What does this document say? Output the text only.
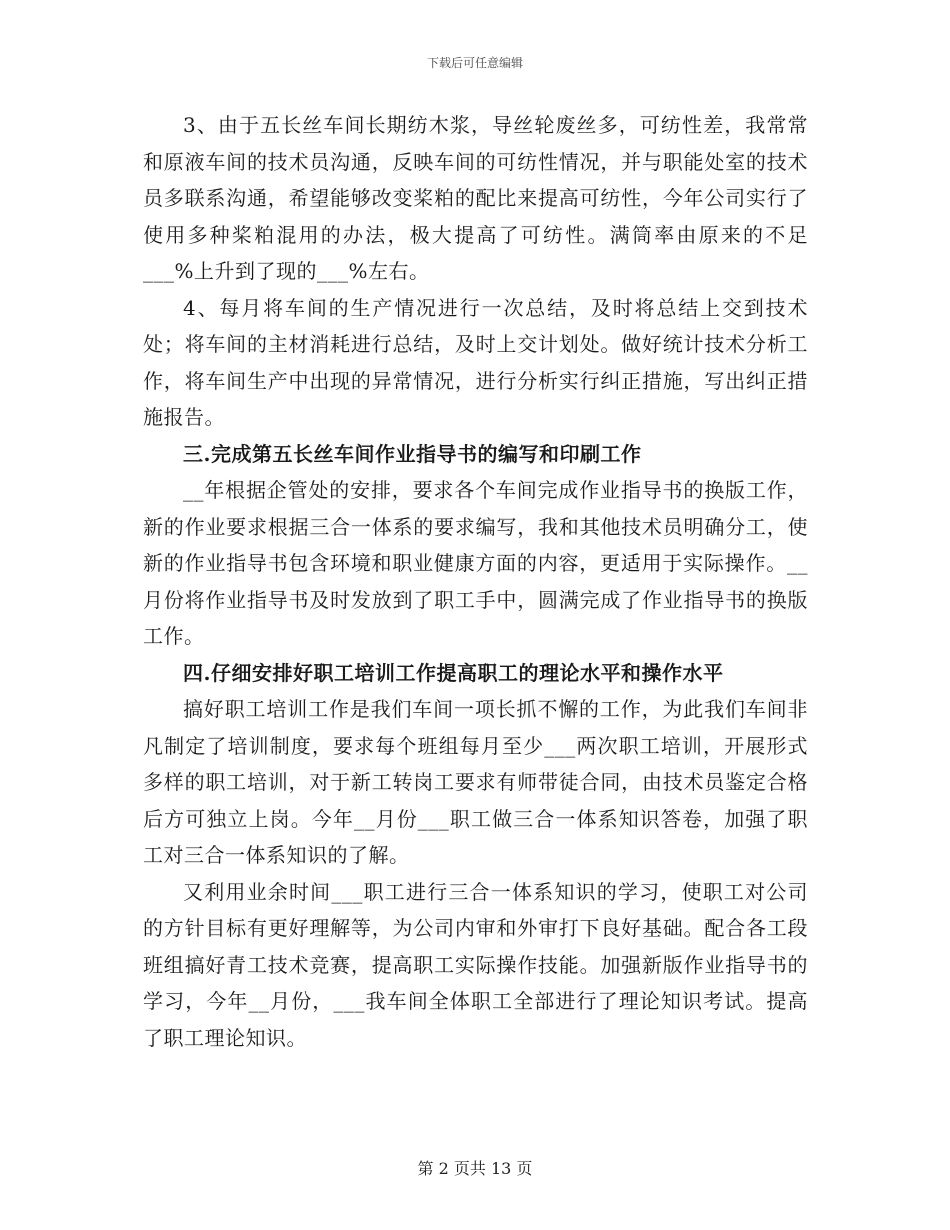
下载后可任意编辑

3、由于五长丝车间长期纺木浆，导丝轮废丝多，可纺性差，我常常和原液车间的技术员沟通，反映车间的可纺性情况，并与职能处室的技术员多联系沟通，希望能够改变桨粕的配比来提高可纺性，今年公司实行了使用多种桨粕混用的办法，极大提高了可纺性。满筒率由原来的不足___%上升到了现的___%左右。

4、每月将车间的生产情况进行一次总结，及时将总结上交到技术处；将车间的主材消耗进行总结，及时上交计划处。做好统计技术分析工作，将车间生产中出现的异常情况，进行分析实行纠正措施，写出纠正措施报告。

三.完成第五长丝车间作业指导书的编写和印刷工作

__年根据企管处的安排，要求各个车间完成作业指导书的换版工作，新的作业要求根据三合一体系的要求编写，我和其他技术员明确分工，使新的作业指导书包含环境和职业健康方面的内容，更适用于实际操作。__月份将作业指导书及时发放到了职工手中，圆满完成了作业指导书的换版工作。

四.仔细安排好职工培训工作提高职工的理论水平和操作水平

搞好职工培训工作是我们车间一项长抓不懈的工作，为此我们车间非凡制定了培训制度，要求每个班组每月至少___两次职工培训，开展形式多样的职工培训，对于新工转岗工要求有师带徒合同，由技术员鉴定合格后方可独立上岗。今年__月份___职工做三合一体系知识答卷，加强了职工对三合一体系知识的了解。

又利用业余时间___职工进行三合一体系知识的学习，使职工对公司的方针目标有更好理解等，为公司内审和外审打下良好基础。配合各工段班组搞好青工技术竞赛，提高职工实际操作技能。加强新版作业指导书的学习，今年__月份，___我车间全体职工全部进行了理论知识考试。提高了职工理论知识。

第 2 页共 13 页
